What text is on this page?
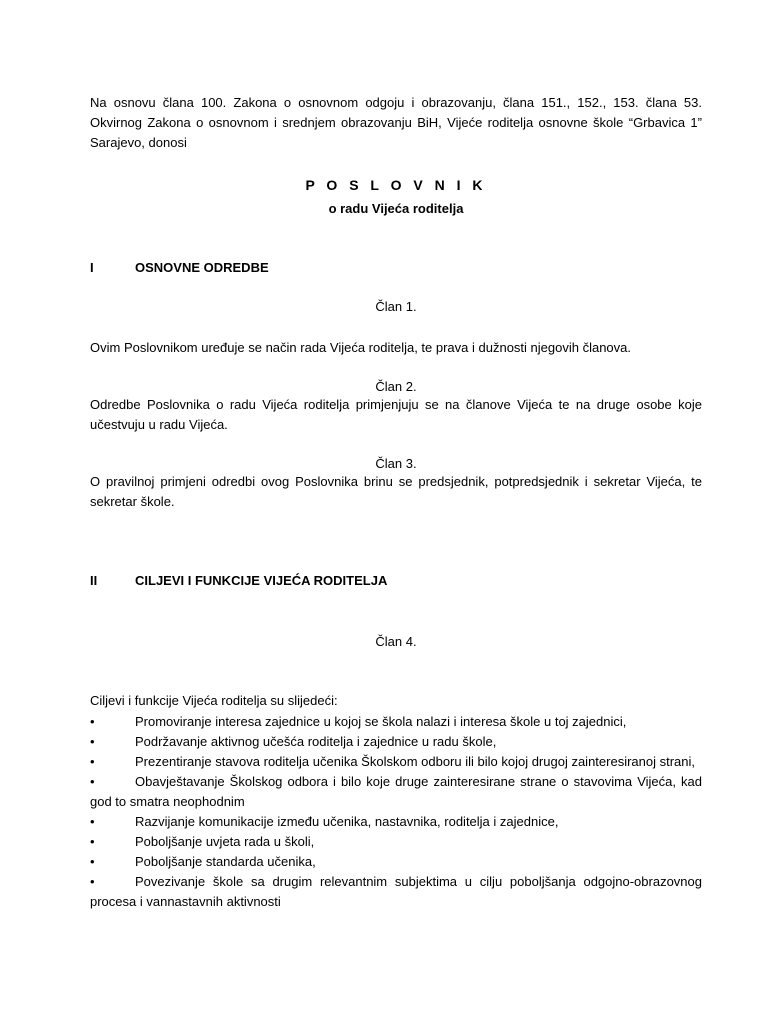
Na osnovu člana 100. Zakona o osnovnom odgoju i obrazovanju, člana 151., 152., 153. člana 53. Okvirnog Zakona o osnovnom i srednjem obrazovanju BiH, Vijeće roditelja osnovne škole “Grbavica 1” Sarajevo, donosi

P O S L O V N I K

o radu Vijeća roditelja

I	OSNOVNE ODREDBE

Član 1.

Ovim Poslovnikom uređuje se način rada Vijeća roditelja, te prava i dužnosti njegovih članova.

Član 2.

Odredbe Poslovnika o radu Vijeća roditelja primjenjuju se na članove Vijeća te na druge osobe koje učestvuju u radu Vijeća.

Član 3.

O pravilnoj primjeni odredbi ovog Poslovnika brinu se predsjednik, potpredsjednik i sekretar Vijeća, te sekretar škole.

II	CILJEVI I FUNKCIJE VIJEĆA RODITELJA

Član 4.

Ciljevi i funkcije Vijeća roditelja su slijedeći:

•	Promoviranje interesa zajednice u kojoj se škola nalazi i interesa škole u toj zajednici,
•	Podržavanje aktivnog učešća roditelja i zajednice u radu škole,
•	Prezentiranje stavova roditelja učenika Školskom odboru ili bilo kojoj drugoj zainteresiranoj strani,
•	Obavještavanje Školskog odbora i bilo koje druge zainteresirane strane o stavovima Vijeća, kad god to smatra neophodnim
•	Razvijanje komunikacije između učenika, nastavnika, roditelja i zajednice,
•	Poboljšanje uvjeta rada u školi,
•	Poboljšanje standarda učenika,
•	Povezivanje škole sa drugim relevantnim subjektima u cilju poboljšanja odgojno-obrazovnog procesa i vannastavnih aktivnosti
